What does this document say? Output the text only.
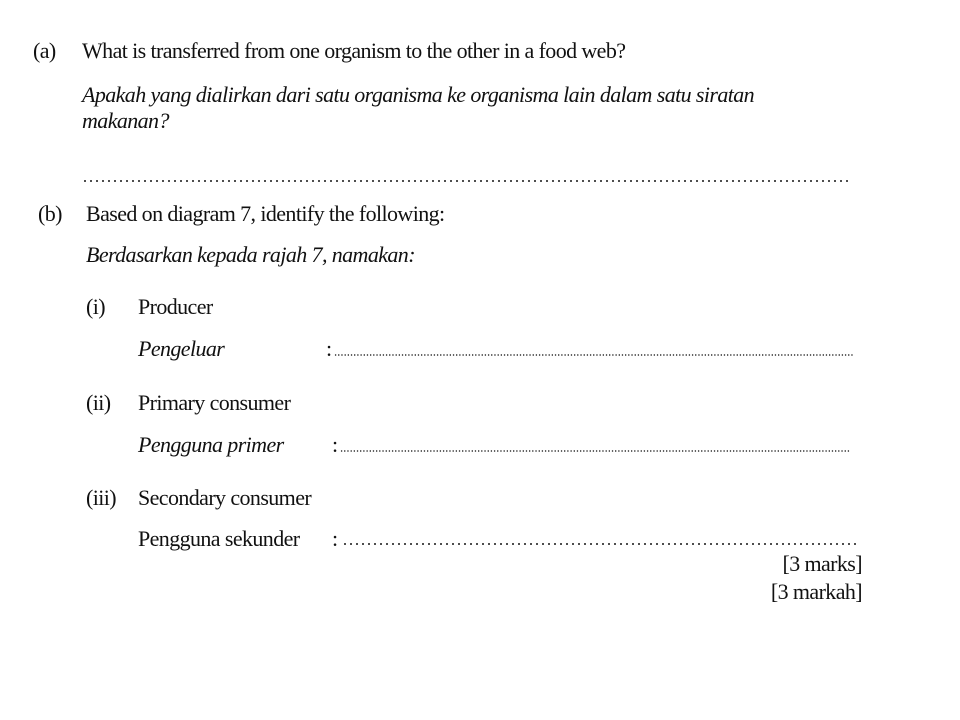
(a) What is transferred from one organism to the other in a food web?
Apakah yang dialirkan dari satu organisma ke organisma lain dalam satu siratan
makanan?
(b) Based on diagram 7, identify the following:
Berdasarkan kepada rajah 7, namakan:
(i) Producer
Pengeluar	:
(ii) Primary consumer
Pengguna primer :
(iii) Secondary consumer
Pengguna sekunder :
[3 marks]
[3 markah]
